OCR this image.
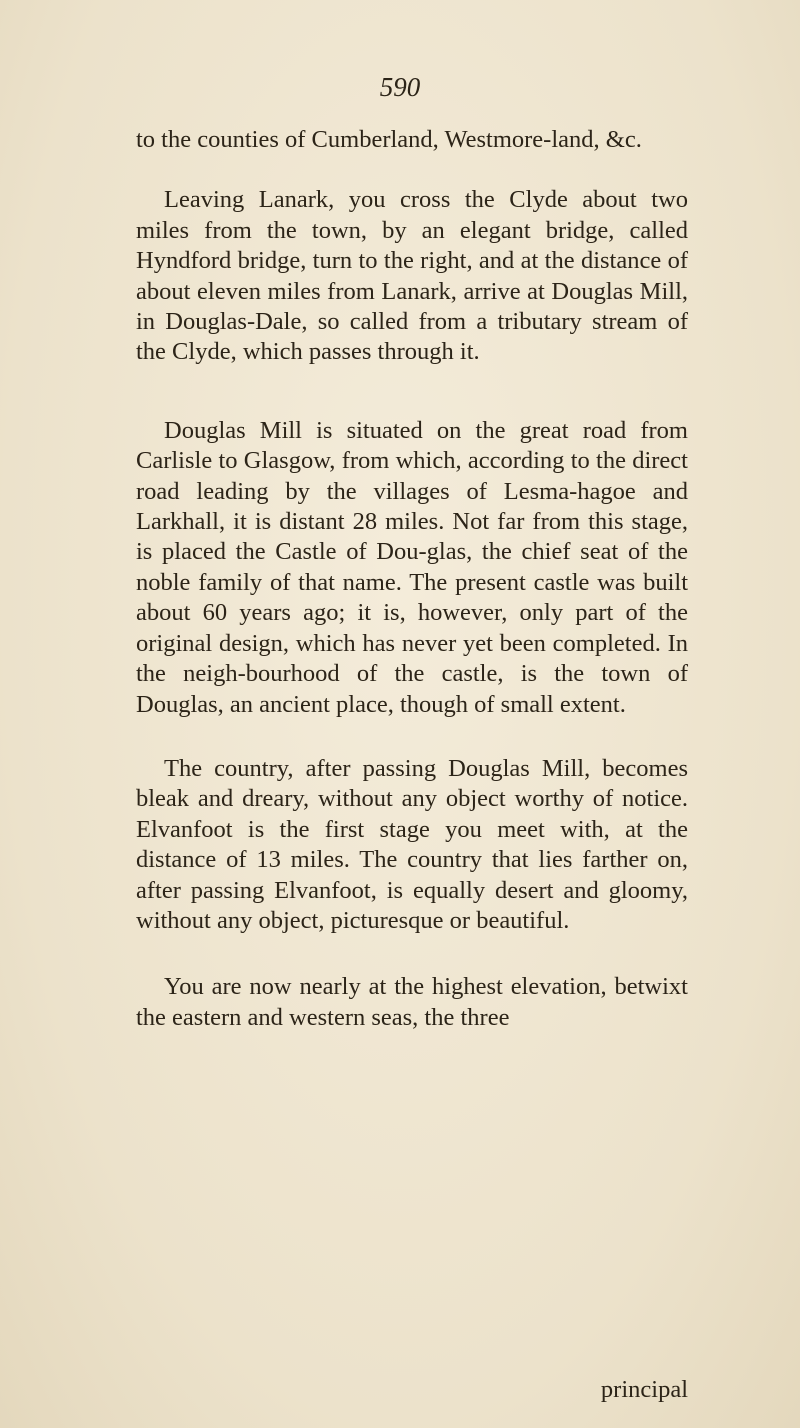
590

to the counties of Cumberland, Westmore-land, &c.

Leaving Lanark, you cross the Clyde about two miles from the town, by an elegant bridge, called Hyndford bridge, turn to the right, and at the distance of about eleven miles from Lanark, arrive at Douglas Mill, in Douglas-Dale, so called from a tributary stream of the Clyde, which passes through it.

Douglas Mill is situated on the great road from Carlisle to Glasgow, from which, according to the direct road leading by the villages of Lesma-hagoe and Larkhall, it is distant 28 miles. Not far from this stage, is placed the Castle of Dou-glas, the chief seat of the noble family of that name. The present castle was built about 60 years ago; it is, however, only part of the original design, which has never yet been completed. In the neigh-bourhood of the castle, is the town of Douglas, an ancient place, though of small extent.

The country, after passing Douglas Mill, becomes bleak and dreary, without any object worthy of notice. Elvanfoot is the first stage you meet with, at the distance of 13 miles. The country that lies farther on, after passing Elvanfoot, is equally desert and gloomy, without any object, picturesque or beautiful.

You are now nearly at the highest elevation, betwixt the eastern and western seas, the three

principal
